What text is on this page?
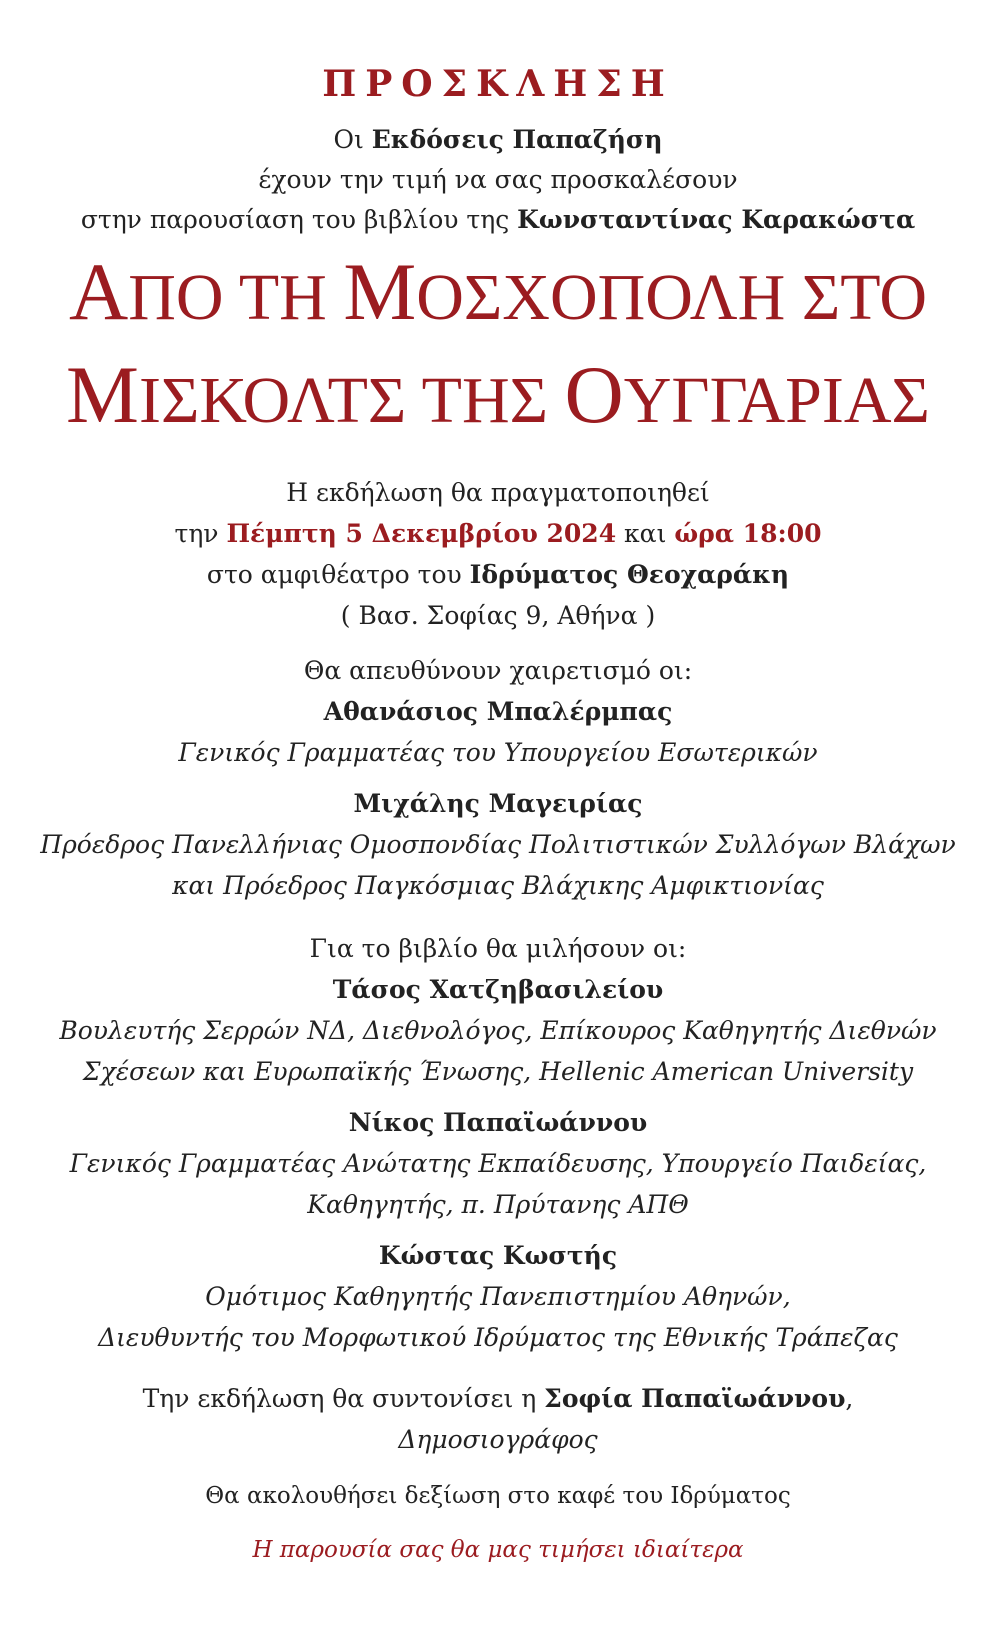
ΠΡΟΣΚΛΗΣΗ
Οι Εκδόσεις Παπαζήση
έχουν την τιμή να σας προσκαλέσουν
στην παρουσίαση του βιβλίου της Κωνσταντίνας Καρακώστα
ΑΠΟ ΤΗ ΜΟΣΧΟΠΟΛΗ ΣΤΟ
ΜΙΣΚΟΛΤΣ ΤΗΣ ΟΥΓΓΑΡΙΑΣ
Η εκδήλωση θα πραγματοποιηθεί
την Πέμπτη 5 Δεκεμβρίου 2024 και ώρα 18:00
στο αμφιθέατρο του Ιδρύματος Θεοχαράκη
( Βασ. Σοφίας 9, Αθήνα )
Θα απευθύνουν χαιρετισμό οι:
Αθανάσιος Μπαλέρμπας
Γενικός Γραμματέας του Υπουργείου Εσωτερικών
Μιχάλης Μαγειρίας
Πρόεδρος Πανελλήνιας Ομοσπονδίας Πολιτιστικών Συλλόγων Βλάχων
και Πρόεδρος Παγκόσμιας Βλάχικης Αμφικτιονίας
Για το βιβλίο θα μιλήσουν οι:
Τάσος Χατζηβασιλείου
Βουλευτής Σερρών ΝΔ, Διεθνολόγος, Επίκουρος Καθηγητής Διεθνών
Σχέσεων και Ευρωπαϊκής Ένωσης, Hellenic American University
Νίκος Παπαϊωάννου
Γενικός Γραμματέας Ανώτατης Εκπαίδευσης, Υπουργείο Παιδείας,
Καθηγητής, π. Πρύτανης ΑΠΘ
Κώστας Κωστής
Ομότιμος Καθηγητής Πανεπιστημίου Αθηνών,
Διευθυντής του Μορφωτικού Ιδρύματος της Εθνικής Τράπεζας
Την εκδήλωση θα συντονίσει η Σοφία Παπαϊωάννου,
Δημοσιογράφος
Θα ακολουθήσει δεξίωση στο καφέ του Ιδρύματος
Η παρουσία σας θα μας τιμήσει ιδιαίτερα
